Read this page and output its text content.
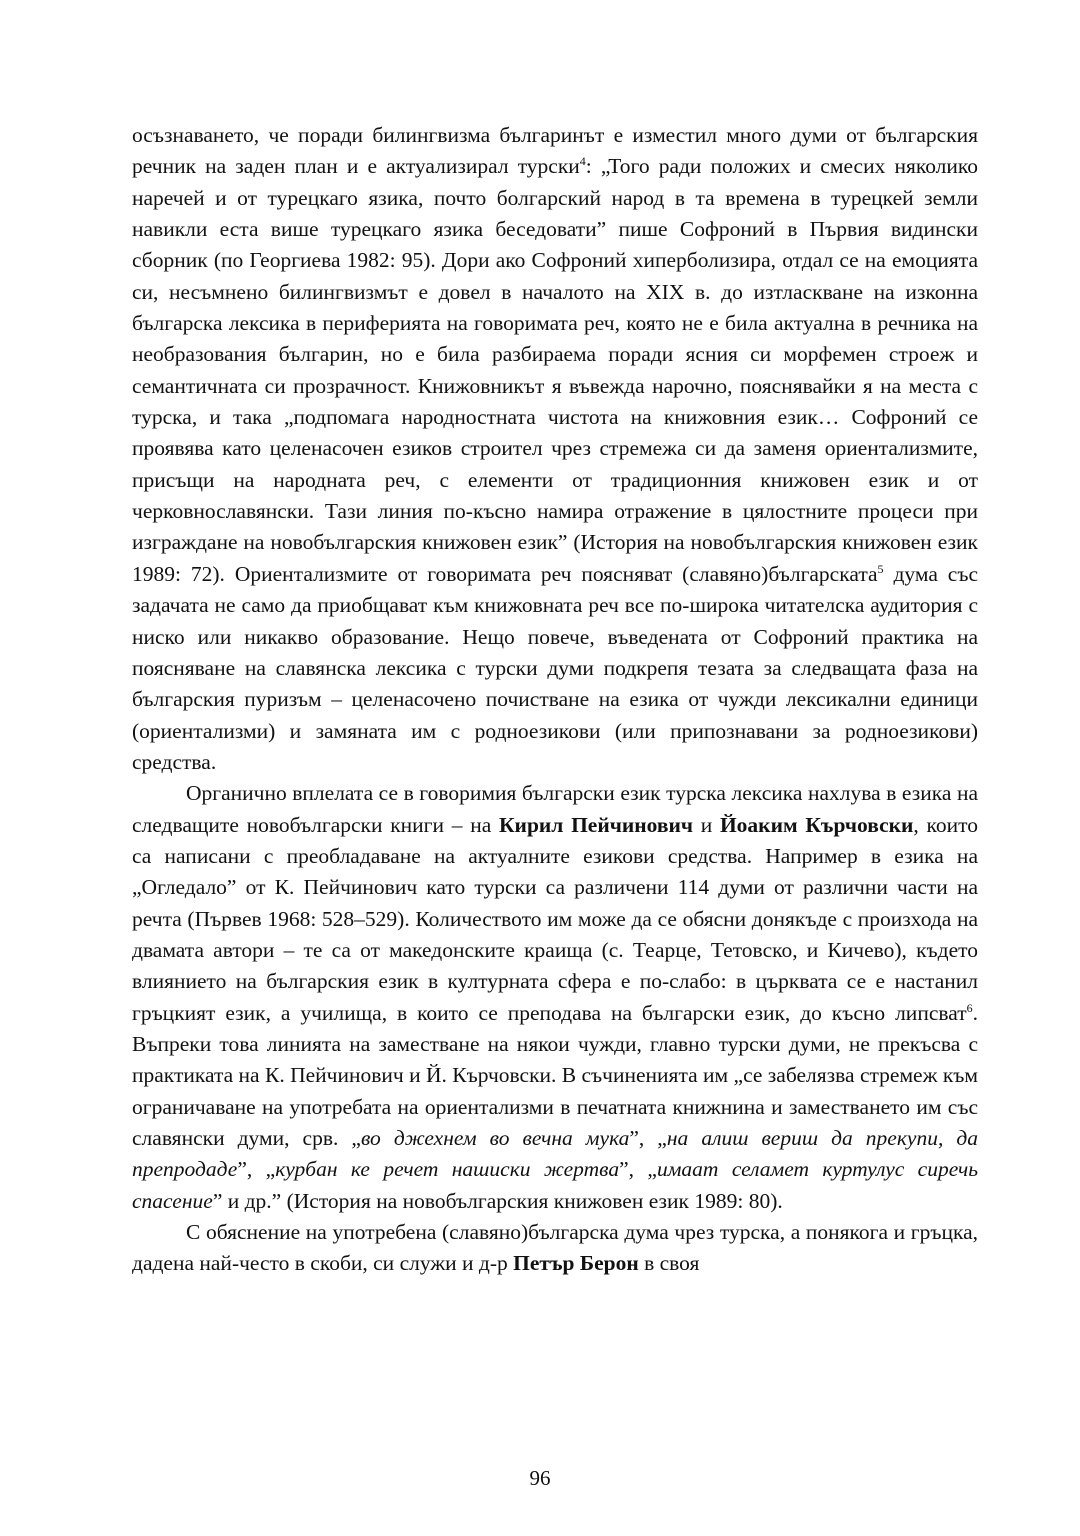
осъзнаването, че поради билингвизма българинът е изместил много думи от българския речник на заден план и е актуализирал турски$^4$: „Того ради положих и смесих няколико наречей и от турецкаго язика, почто болгарский народ в та времена в турецкей земли навикли еста више турецкаго язика беседовати” пише Софроний в Първия видински сборник (по Георгиева 1982: 95). Дори ако Софроний хиперболизира, отдал се на емоцията си, несъмнено билингвизмът е довел в началото на XIX в. до изтласкване на изконна българска лексика в периферията на говоримата реч, която не е била актуална в речника на необразования българин, но е била разбираема поради ясния си морфемен строеж и семантичната си прозрачност. Книжовникът я въвежда нарочно, пояснявайки я на места с турска, и така „подпомага народностната чистота на книжовния език… Софроний се проявява като целенасочен езиков строител чрез стремежа си да заменя ориентализмите, присъщи на народната реч, с елементи от традиционния книжовен език и от черковнославянски. Тази линия по-късно намира отражение в цялостните процеси при изграждане на новобългарския книжовен език” (История на новобългарския книжовен език 1989: 72). Ориентализмите от говоримата реч поясняват (славяно)българската$^5$ дума със задачата не само да приобщават към книжовната реч все по-широка читателска аудитория с ниско или никакво образование. Нещо повече, въведената от Софроний практика на поясняване на славянска лексика с турски думи подкрепя тезата за следващата фаза на българския пуризъм – целенасочено почистване на езика от чужди лексикални единици (ориентализми) и замяната им с родноезикови (или припознавани за родноезикови) средства.

Органично вплелата се в говоримия български език турска лексика нахлува в езика на следващите новобългарски книги – на Кирил Пейчинович и Йоаким Кърчовски, които са написани с преобладаване на актуалните езикови средства. Например в езика на „Огледало” от К. Пейчинович като турски са различени 114 думи от различни части на речта (Първев 1968: 528–529). Количеството им може да се обясни донякъде с произхода на двамата автори – те са от македонските краища (с. Теарце, Тетовско, и Кичево), където влиянието на българския език в културната сфера е по-слабо: в църквата се е настанил гръцкият език, а училища, в които се преподава на български език, до късно липсват$^6$. Въпреки това линията на заместване на някои чужди, главно турски думи, не прекъсва с практиката на К. Пейчинович и Й. Кърчовски. В съчиненията им „се забелязва стремеж към ограничаване на употребата на ориентализми в печатната книжнина и заместването им със славянски думи, срв. „во джехнем во вечна мука”, „на алиш вериш да прекупи, да препродаде”, „курбан ке речет нашиски жертва”, „имаат селамет куртулус сиречь спасение” и др.” (История на новобългарския книжовен език 1989: 80).

С обяснение на употребена (славяно)българска дума чрез турска, а понякога и гръцка, дадена най-често в скоби, си служи и д-р Петър Берон в своя

96
